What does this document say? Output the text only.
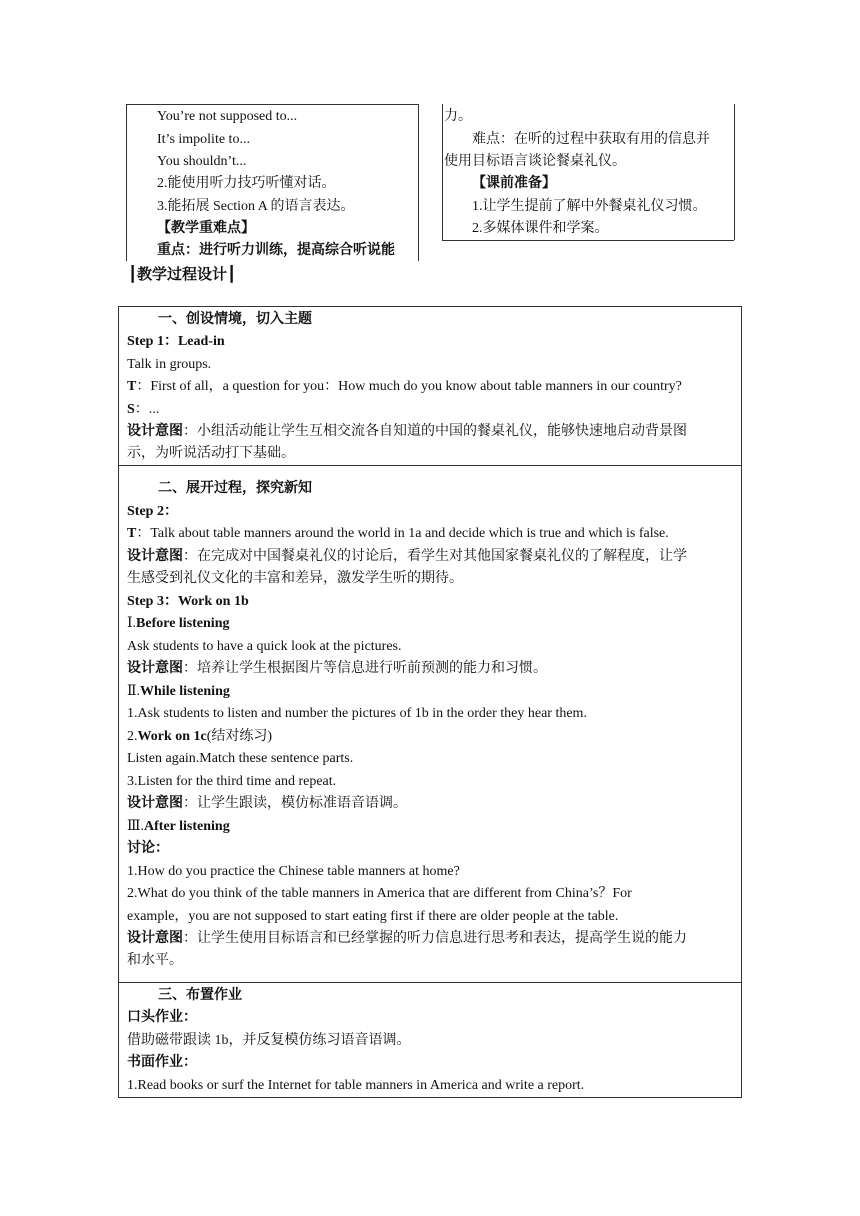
You’re not supposed to...
It’s impolite to...
You shouldn’t...
2.能使用听力技巧听懂对话。
3.能拓展 Section A 的语言表达。
【教学重难点】
重点：进行听力训练，提高综合听说能
力。
难点：在听的过程中获取有用的信息并
使用目标语言谈论餐桌礼仪。
【课前准备】
1.让学生提前了解中外餐桌礼仪习惯。
2.多媒体课件和学案。
┃教学过程设计┃
一、创设情境，切入主题
Step 1：Lead-in
Talk in groups.
T：First of all，a question for you：How much do you know about table manners in our country?
S：...
设计意图：小组活动能让学生互相交流各自知道的中国的餐桌礼仪，能够快速地启动背景图
示，为听说活动打下基础。
二、展开过程，探究新知
Step 2：
T：Talk about table manners around the world in 1a and decide which is true and which is false.
设计意图：在完成对中国餐桌礼仪的讨论后，看学生对其他国家餐桌礼仪的了解程度，让学
生感受到礼仪文化的丰富和差异，激发学生听的期待。
Step 3：Work on 1b
Ⅰ.Before listening
Ask students to have a quick look at the pictures.
设计意图：培养让学生根据图片等信息进行听前预测的能力和习惯。
Ⅱ.While listening
1.Ask students to listen and number the pictures of 1b in the order they hear them.
2.Work on 1c(结对练习)
Listen again.Match these sentence parts.
3.Listen for the third time and repeat.
设计意图：让学生跟读，模仿标准语音语调。
Ⅲ.After listening
讨论：
1.How do you practice the Chinese table manners at home?
2.What do you think of the table manners in America that are different from China’s？For
example，you are not supposed to start eating first if there are older people at the table.
设计意图：让学生使用目标语言和已经掌握的听力信息进行思考和表达，提高学生说的能力
和水平。
三、布置作业
口头作业：
借助磁带跟读 1b，并反复模仿练习语音语调。
书面作业：
1.Read books or surf the Internet for table manners in America and write a report.
